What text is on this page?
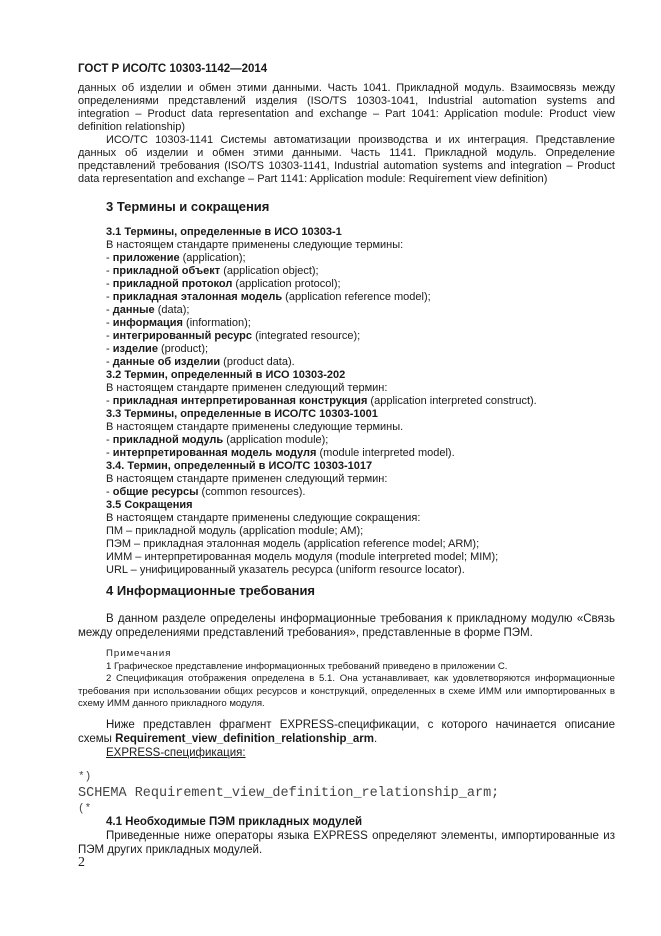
ГОСТ Р ИСО/ТС 10303-1142—2014
данных об изделии и обмен этими данными. Часть 1041. Прикладной модуль. Взаимосвязь между определениями представлений изделия (ISO/TS 10303-1041, Industrial automation systems and integration – Product data representation and exchange – Part 1041: Application module: Product view definition relationship)
ИСО/ТС 10303-1141 Системы автоматизации производства и их интеграция. Представление данных об изделии и обмен этими данными. Часть 1141. Прикладной модуль. Определение представлений требования (ISO/TS 10303-1141, Industrial automation systems and integration – Product data representation and exchange – Part 1141: Application module: Requirement view definition)
3 Термины и сокращения
3.1 Термины, определенные в ИСО 10303-1
В настоящем стандарте применены следующие термины:
- приложение (application);
- прикладной объект (application object);
- прикладной протокол (application protocol);
- прикладная эталонная модель (application reference model);
- данные (data);
- информация (information);
- интегрированный ресурс (integrated resource);
- изделие (product);
- данные об изделии (product data).
3.2 Термин, определенный в ИСО 10303-202
В настоящем стандарте применен следующий термин:
- прикладная интерпретированная конструкция (application interpreted construct).
3.3 Термины, определенные в ИСО/ТС 10303-1001
В настоящем стандарте применены следующие термины.
- прикладной модуль (application module);
- интерпретированная модель модуля (module interpreted model).
3.4. Термин, определенный в ИСО/ТС 10303-1017
В настоящем стандарте применен следующий термин:
- общие ресурсы (common resources).
3.5 Сокращения
В настоящем стандарте применены следующие сокращения:
ПМ – прикладной модуль (application module; AM);
ПЭМ – прикладная эталонная модель (application reference model; ARM);
ИММ – интерпретированная модель модуля (module interpreted model; MIM);
URL – унифицированный указатель ресурса (uniform resource locator).
4 Информационные требования
В данном разделе определены информационные требования к прикладному модулю «Связь между определениями представлений требования», представленные в форме ПЭМ.
Примечания
1 Графическое представление информационных требований приведено в приложении С.
2 Спецификация отображения определена в 5.1. Она устанавливает, как удовлетворяются информационные требования при использовании общих ресурсов и конструкций, определенных в схеме ИММ или импортированных в схему ИММ данного прикладного модуля.
Ниже представлен фрагмент EXPRESS-спецификации, с которого начинается описание схемы Requirement_view_definition_relationship_arm.
EXPRESS-спецификация:
*)
SCHEMA Requirement_view_definition_relationship_arm;
(*
4.1 Необходимые ПЭМ прикладных модулей
Приведенные ниже операторы языка EXPRESS определяют элементы, импортированные из ПЭМ других прикладных модулей.
2
